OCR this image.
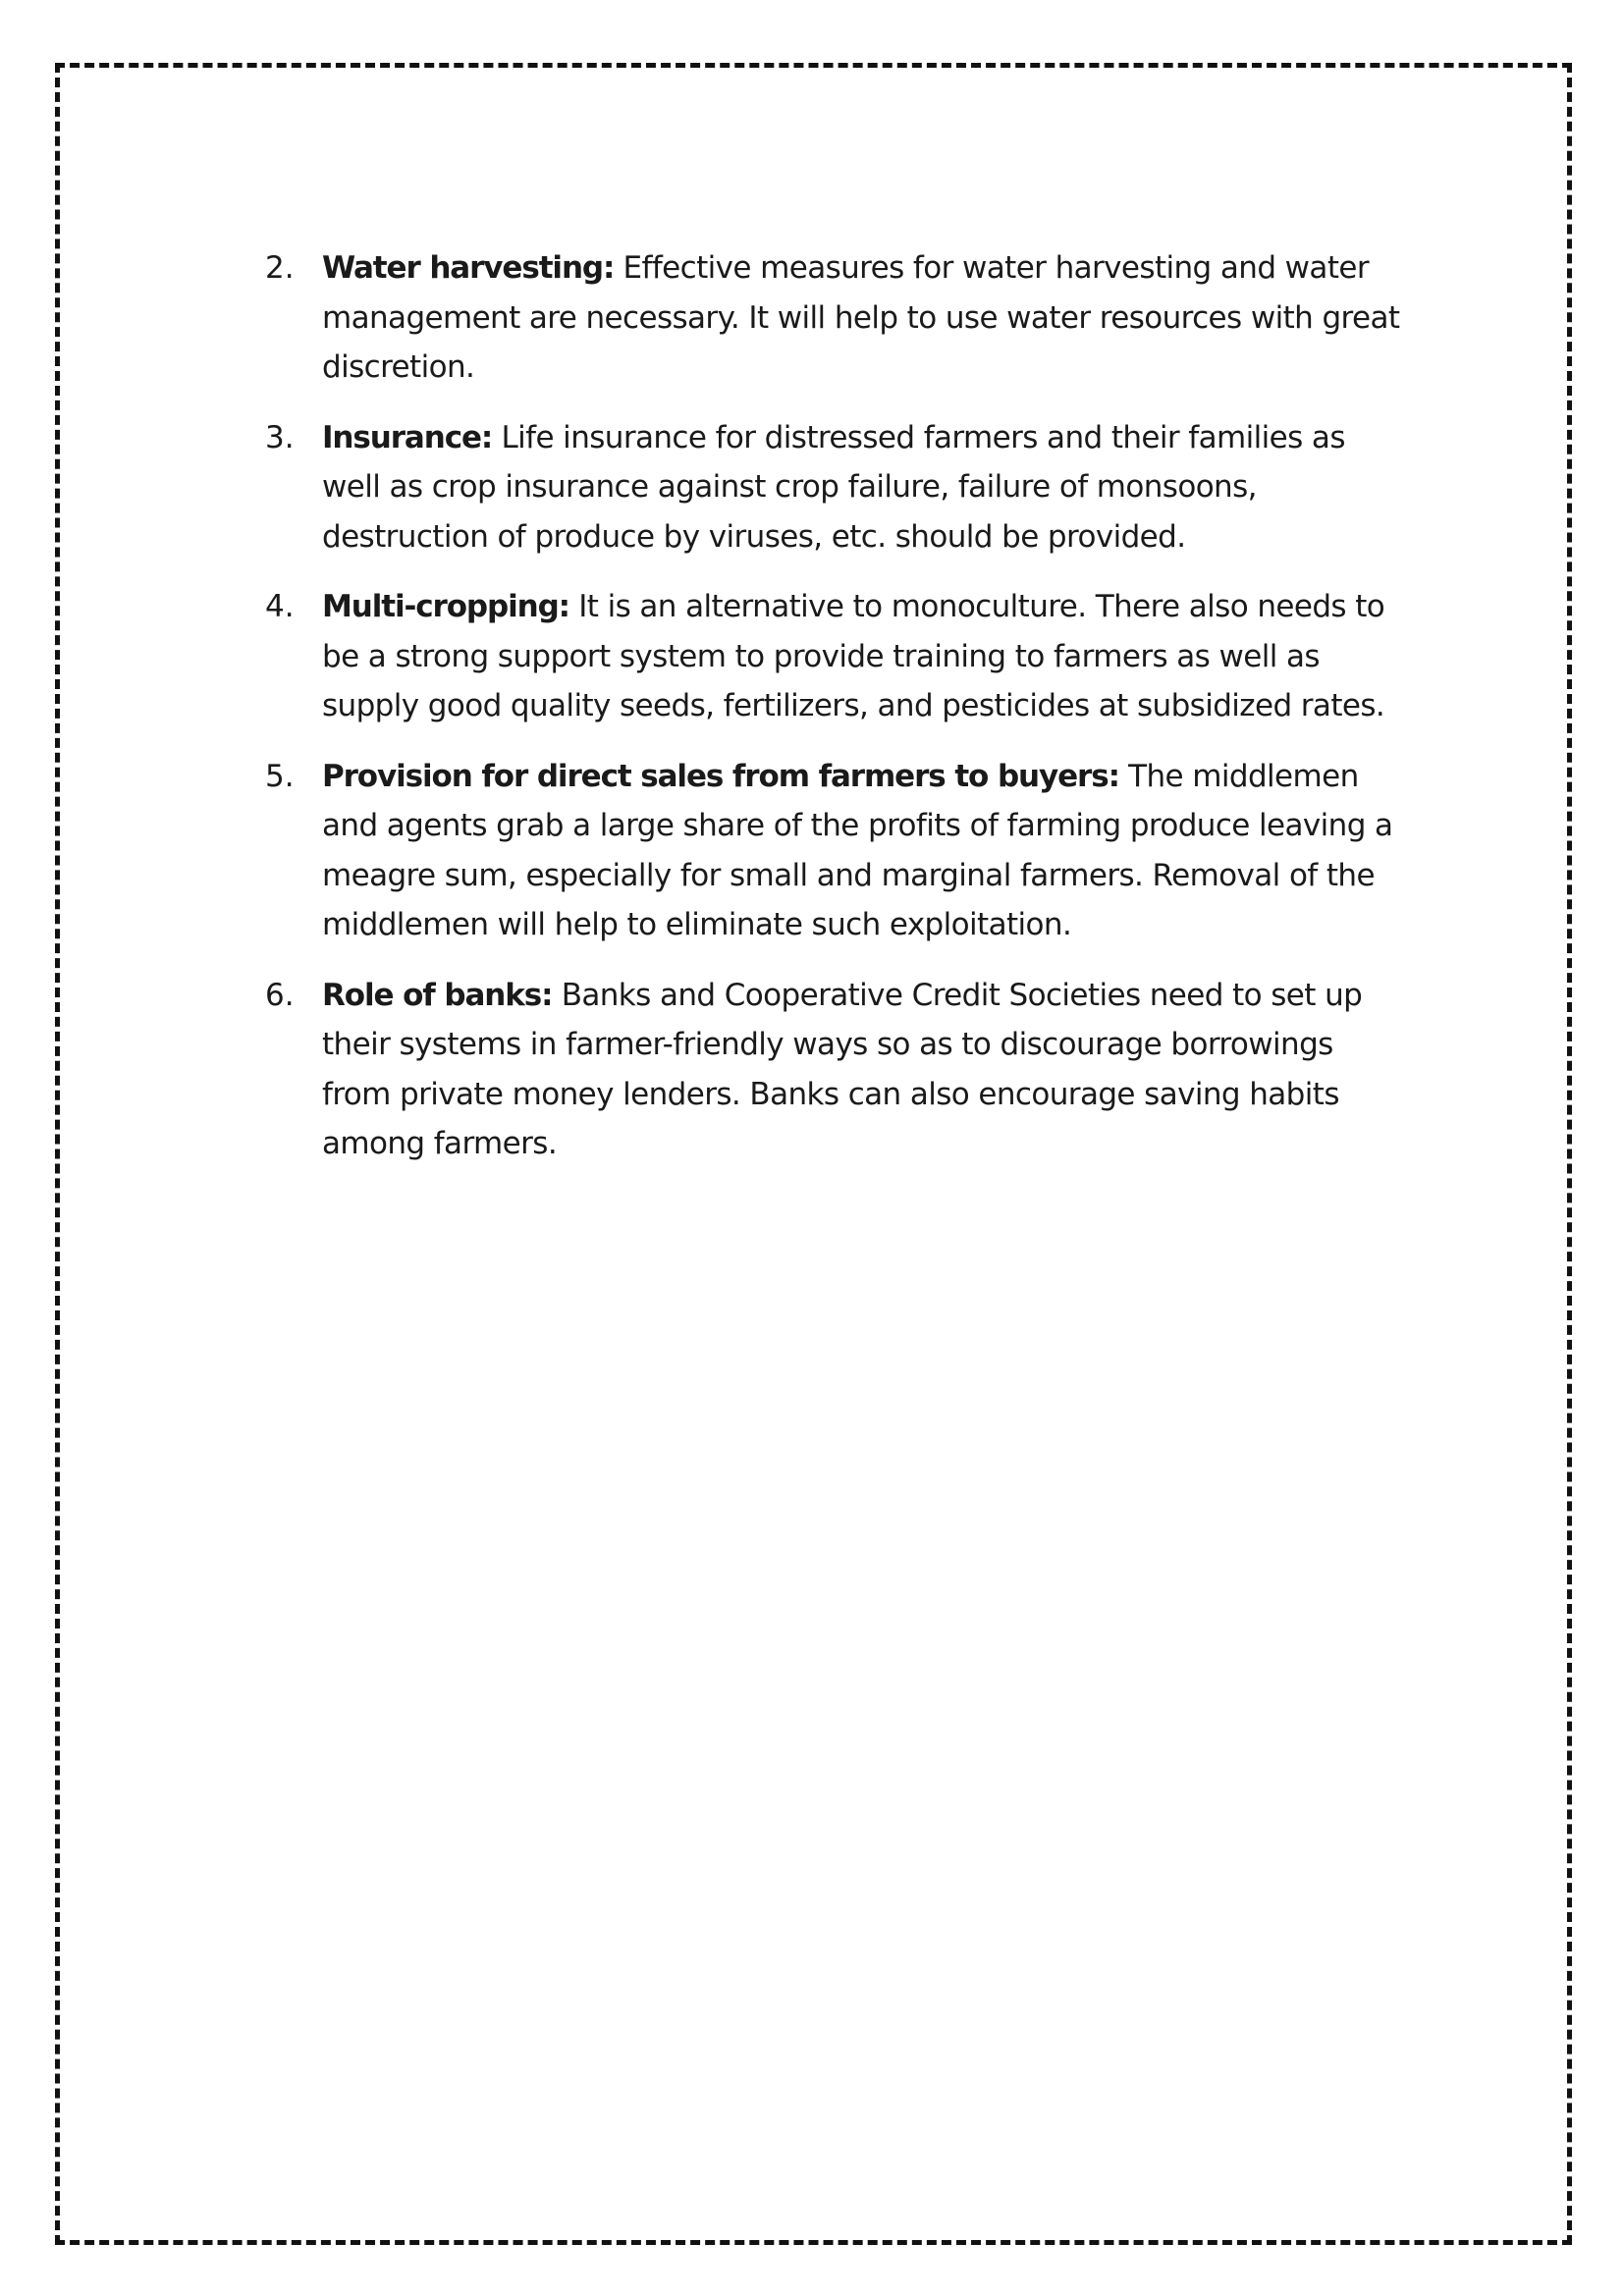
2. Water harvesting: Effective measures for water harvesting and water management are necessary. It will help to use water resources with great discretion.
3. Insurance: Life insurance for distressed farmers and their families as well as crop insurance against crop failure, failure of monsoons, destruction of produce by viruses, etc. should be provided.
4. Multi-cropping: It is an alternative to monoculture. There also needs to be a strong support system to provide training to farmers as well as supply good quality seeds, fertilizers, and pesticides at subsidized rates.
5. Provision for direct sales from farmers to buyers: The middlemen and agents grab a large share of the profits of farming produce leaving a meagre sum, especially for small and marginal farmers. Removal of the middlemen will help to eliminate such exploitation.
6. Role of banks: Banks and Cooperative Credit Societies need to set up their systems in farmer-friendly ways so as to discourage borrowings from private money lenders. Banks can also encourage saving habits among farmers.
